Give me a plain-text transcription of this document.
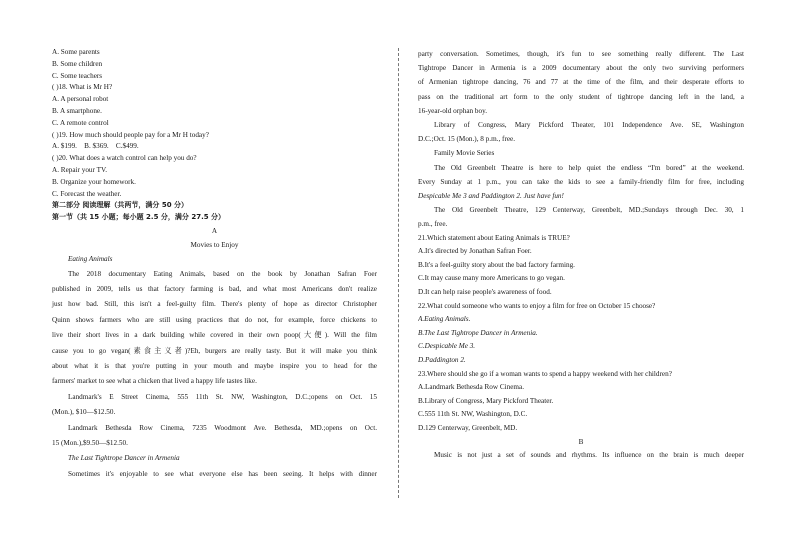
A. Some parents
B. Some children
C. Some teachers
( )18. What is Mr H?
A. A personal robot
B. A smartphone.
C. A remote control
( )19. How much should people pay for a Mr H today?
A. $199.    B. $369.    C.$499.
( )20. What does a watch control can help you do?
A. Repair your TV.
B. Organize your homework.
C. Forecast the weather.
第二部分 阅读理解（共两节，满分 50 分）
第一节（共 15 小题；每小题 2.5 分，满分 27.5 分）
A
Movies to Enjoy
Eating Animals
The 2018 documentary Eating Animals, based on the book by Jonathan Safran Foer
published in 2009, tells us that factory farming is bad, and what most Americans don't realize
just how bad. Still, this isn't a feel-guilty film. There's plenty of hope as director Christopher
Quinn shows farmers who are still using practices that do not, for example, force chickens to
live their short lives in a dark building while covered in their own poop(大便). Will the film
cause you to go vegan(素食主义者)?Eh, burgers are really tasty. But it will make you think
about what it is that you're putting in your mouth and maybe inspire you to head for the
farmers' market to see what a chicken that lived a happy life tastes like.
Landmark's E Street Cinema, 555 11th St. NW, Washington, D.C.;opens on Oct. 15
(Mon.), $10—$12.50.
Landmark Bethesda Row Cinema, 7235 Woodmont Ave. Bethesda, MD.;opens on Oct.
15 (Mon.),$9.50—$12.50.
The Last Tightrope Dancer in Armenia
Sometimes it's enjoyable to see what everyone else has been seeing. It helps with dinner
party conversation. Sometimes, though, it's fun to see something really different. The Last
Tightrope Dancer in Armenia is a 2009 documentary about the only two surviving performers
of Armenian tightrope dancing, 76 and 77 at the time of the film, and their desperate efforts to
pass on the traditional art form to the only student of tightrope dancing left in the land, a
16-year-old orphan boy.
Library of Congress, Mary Pickford Theater, 101 Independence Ave. SE, Washington
D.C.;Oct. 15 (Mon.), 8 p.m., free.
Family Movie Series
The Old Greenbelt Theatre is here to help quiet the endless “I'm bored” at the weekend.
Every Sunday at 1 p.m., you can take the kids to see a family-friendly film for free, including
Despicable Me 3 and Paddington 2. Just have fun!
The Old Greenbelt Theatre, 129 Centerway, Greenbelt, MD.;Sundays through Dec. 30, 1
p.m., free.
21.Which statement about Eating Animals is TRUE?
A.It's directed by Jonathan Safran Foer.
B.It's a feel-guilty story about the bad factory farming.
C.It may cause many more Americans to go vegan.
D.It can help raise people's awareness of food.
22.What could someone who wants to enjoy a film for free on October 15 choose?
A.Eating Animals.
B.The Last Tightrope Dancer in Armenia.
C.Despicable Me 3.
D.Paddington 2.
23.Where should she go if a woman wants to spend a happy weekend with her children?
A.Landmark Bethesda Row Cinema.
B.Library of Congress, Mary Pickford Theater.
C.555 11th St. NW, Washington, D.C.
D.129 Centerway, Greenbelt, MD.
B
Music is not just a set of sounds and rhythms. Its influence on the brain is much deeper
